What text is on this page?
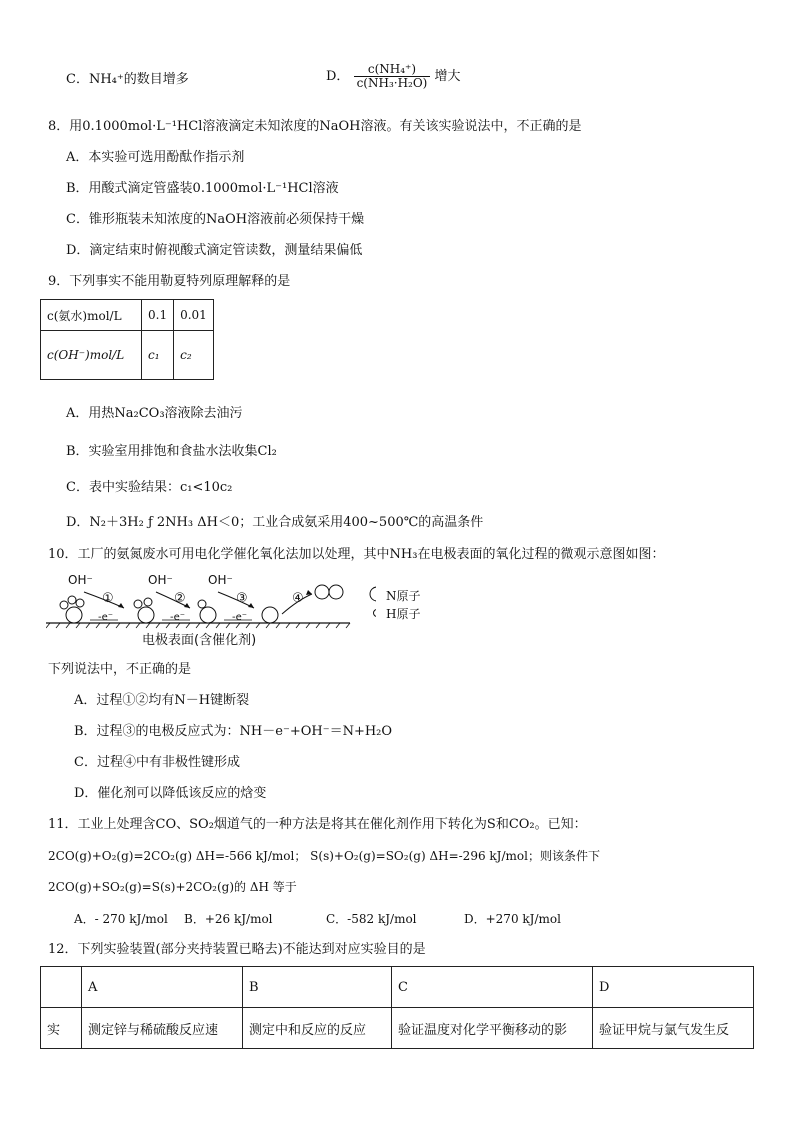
C．NH₄⁺的数目增多	D． $\frac{\text{c(NH₄⁺)}}{\text{c(NH₃·H₂O)}}$ 增大
8．用0.1000mol·L⁻¹HCl溶液滴定未知浓度的NaOH溶液。有关该实验说法中，不正确的是
A．本实验可选用酚酞作指示剂
B．用酸式滴定管盛装0.1000mol·L⁻¹HCl溶液
C．锥形瓶装未知浓度的NaOH溶液前必须保持干燥
D．滴定结束时俯视酸式滴定管读数，测量结果偏低
9．下列事实不能用勒夏特列原理解释的是
c(氨水)mol/L	0.1	0.01
c(OH⁻)mol/L	c₁	c₂
A．用热Na₂CO₃溶液除去油污
B．实验室用排饱和食盐水法收集Cl₂
C．表中实验结果：c₁<10c₂
D．N₂＋3H₂ ƒ 2NH₃ ΔH＜0；工业合成氨采用400~500℃的高温条件
10．工厂的氨氮废水可用电化学催化氧化法加以处理，其中NH₃在电极表面的氧化过程的微观示意图如图：
OH⁻	OH⁻	OH⁻
①	②	③	④
-e⁻	-e⁻	-e⁻
电极表面(含催化剂)
N原子
H原子
下列说法中，不正确的是
A．过程①②均有N－H键断裂
B．过程③的电极反应式为：NH－e⁻+OH⁻＝N+H₂O
C．过程④中有非极性键形成
D．催化剂可以降低该反应的焓变
11．工业上处理含CO、SO₂烟道气的一种方法是将其在催化剂作用下转化为S和CO₂。已知：
2CO(g)+O₂(g)=2CO₂(g) ΔH=-566 kJ/mol； S(s)+O₂(g)=SO₂(g) ΔH=-296 kJ/mol；则该条件下
2CO(g)+SO₂(g)=S(s)+2CO₂(g)的 ΔH 等于
A．- 270 kJ/mol B．+26 kJ/mol	C．-582 kJ/mol	D．+270 kJ/mol
12．下列实验装置(部分夹持装置已略去)不能达到对应实验目的是
	A	B	C	D
实	测定锌与稀硫酸反应速	测定中和反应的反应	验证温度对化学平衡移动的影	验证甲烷与氯气发生反
